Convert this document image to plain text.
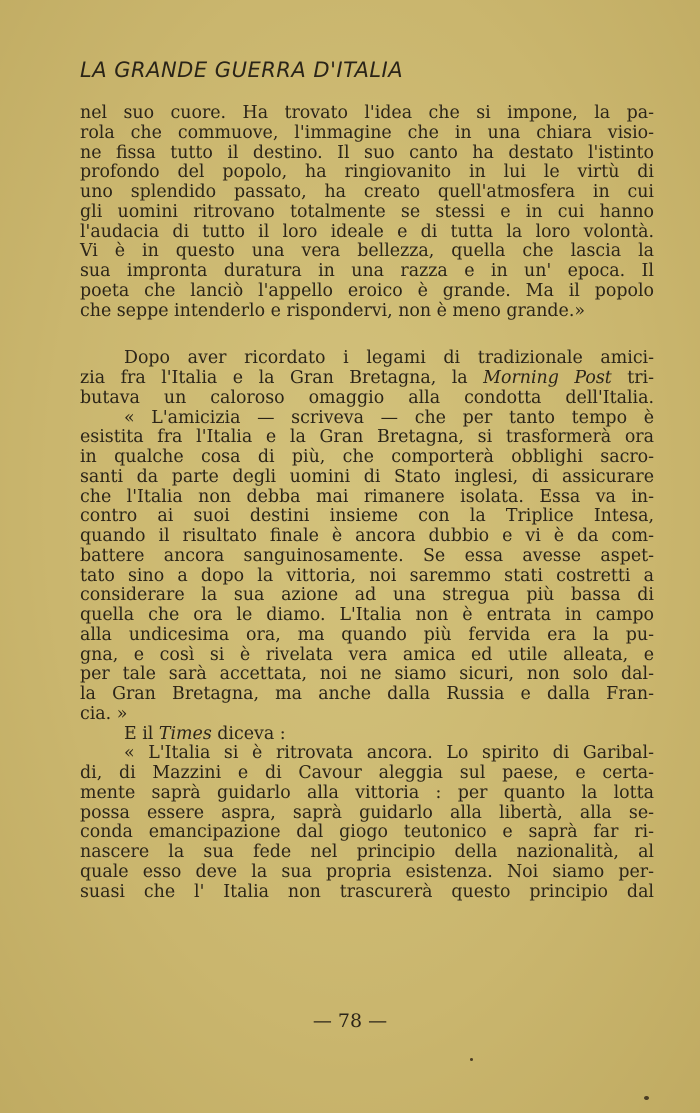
LA GRANDE GUERRA D'ITALIA

nel suo cuore. Ha trovato l'idea che si impone, la pa-

rola che commuove, l'immagine che in una chiara visio-

ne fissa tutto il destino. Il suo canto ha destato l'istinto

profondo del popolo, ha ringiovanito in lui le virtù di

uno splendido passato, ha creato quell'atmosfera in cui

gli uomini ritrovano totalmente se stessi e in cui hanno

l'audacia di tutto il loro ideale e di tutta la loro volontà.

Vi è in questo una vera bellezza, quella che lascia la

sua impronta duratura in una razza e in un' epoca. Il

poeta che lanciò l'appello eroico è grande. Ma il popolo

che seppe intenderlo e rispondervi, non è meno grande.»

Dopo aver ricordato i legami di tradizionale amici-

zia fra l'Italia e la Gran Bretagna, la Morning Post tri-

butava un caloroso omaggio alla condotta dell'Italia.

« L'amicizia — scriveva — che per tanto tempo è

esistita fra l'Italia e la Gran Bretagna, si trasformerà ora

in qualche cosa di più, che comporterà obblighi sacro-

santi da parte degli uomini di Stato inglesi, di assicurare

che l'Italia non debba mai rimanere isolata. Essa va in-

contro ai suoi destini insieme con la Triplice Intesa,

quando il risultato finale è ancora dubbio e vi è da com-

battere ancora sanguinosamente. Se essa avesse aspet-

tato sino a dopo la vittoria, noi saremmo stati costretti a

considerare la sua azione ad una stregua più bassa di

quella che ora le diamo. L'Italia non è entrata in campo

alla undicesima ora, ma quando più fervida era la pu-

gna, e così si è rivelata vera amica ed utile alleata, e

per tale sarà accettata, noi ne siamo sicuri, non solo dal-

la Gran Bretagna, ma anche dalla Russia e dalla Fran-

cia. »

E il Times diceva :

« L'Italia si è ritrovata ancora. Lo spirito di Garibal-

di, di Mazzini e di Cavour aleggia sul paese, e certa-

mente saprà guidarlo alla vittoria : per quanto la lotta

possa essere aspra, saprà guidarlo alla libertà, alla se-

conda emancipazione dal giogo teutonico e saprà far ri-

nascere la sua fede nel principio della nazionalità, al

quale esso deve la sua propria esistenza. Noi siamo per-

suasi che l' Italia non trascurerà questo principio dal

— 78 —
